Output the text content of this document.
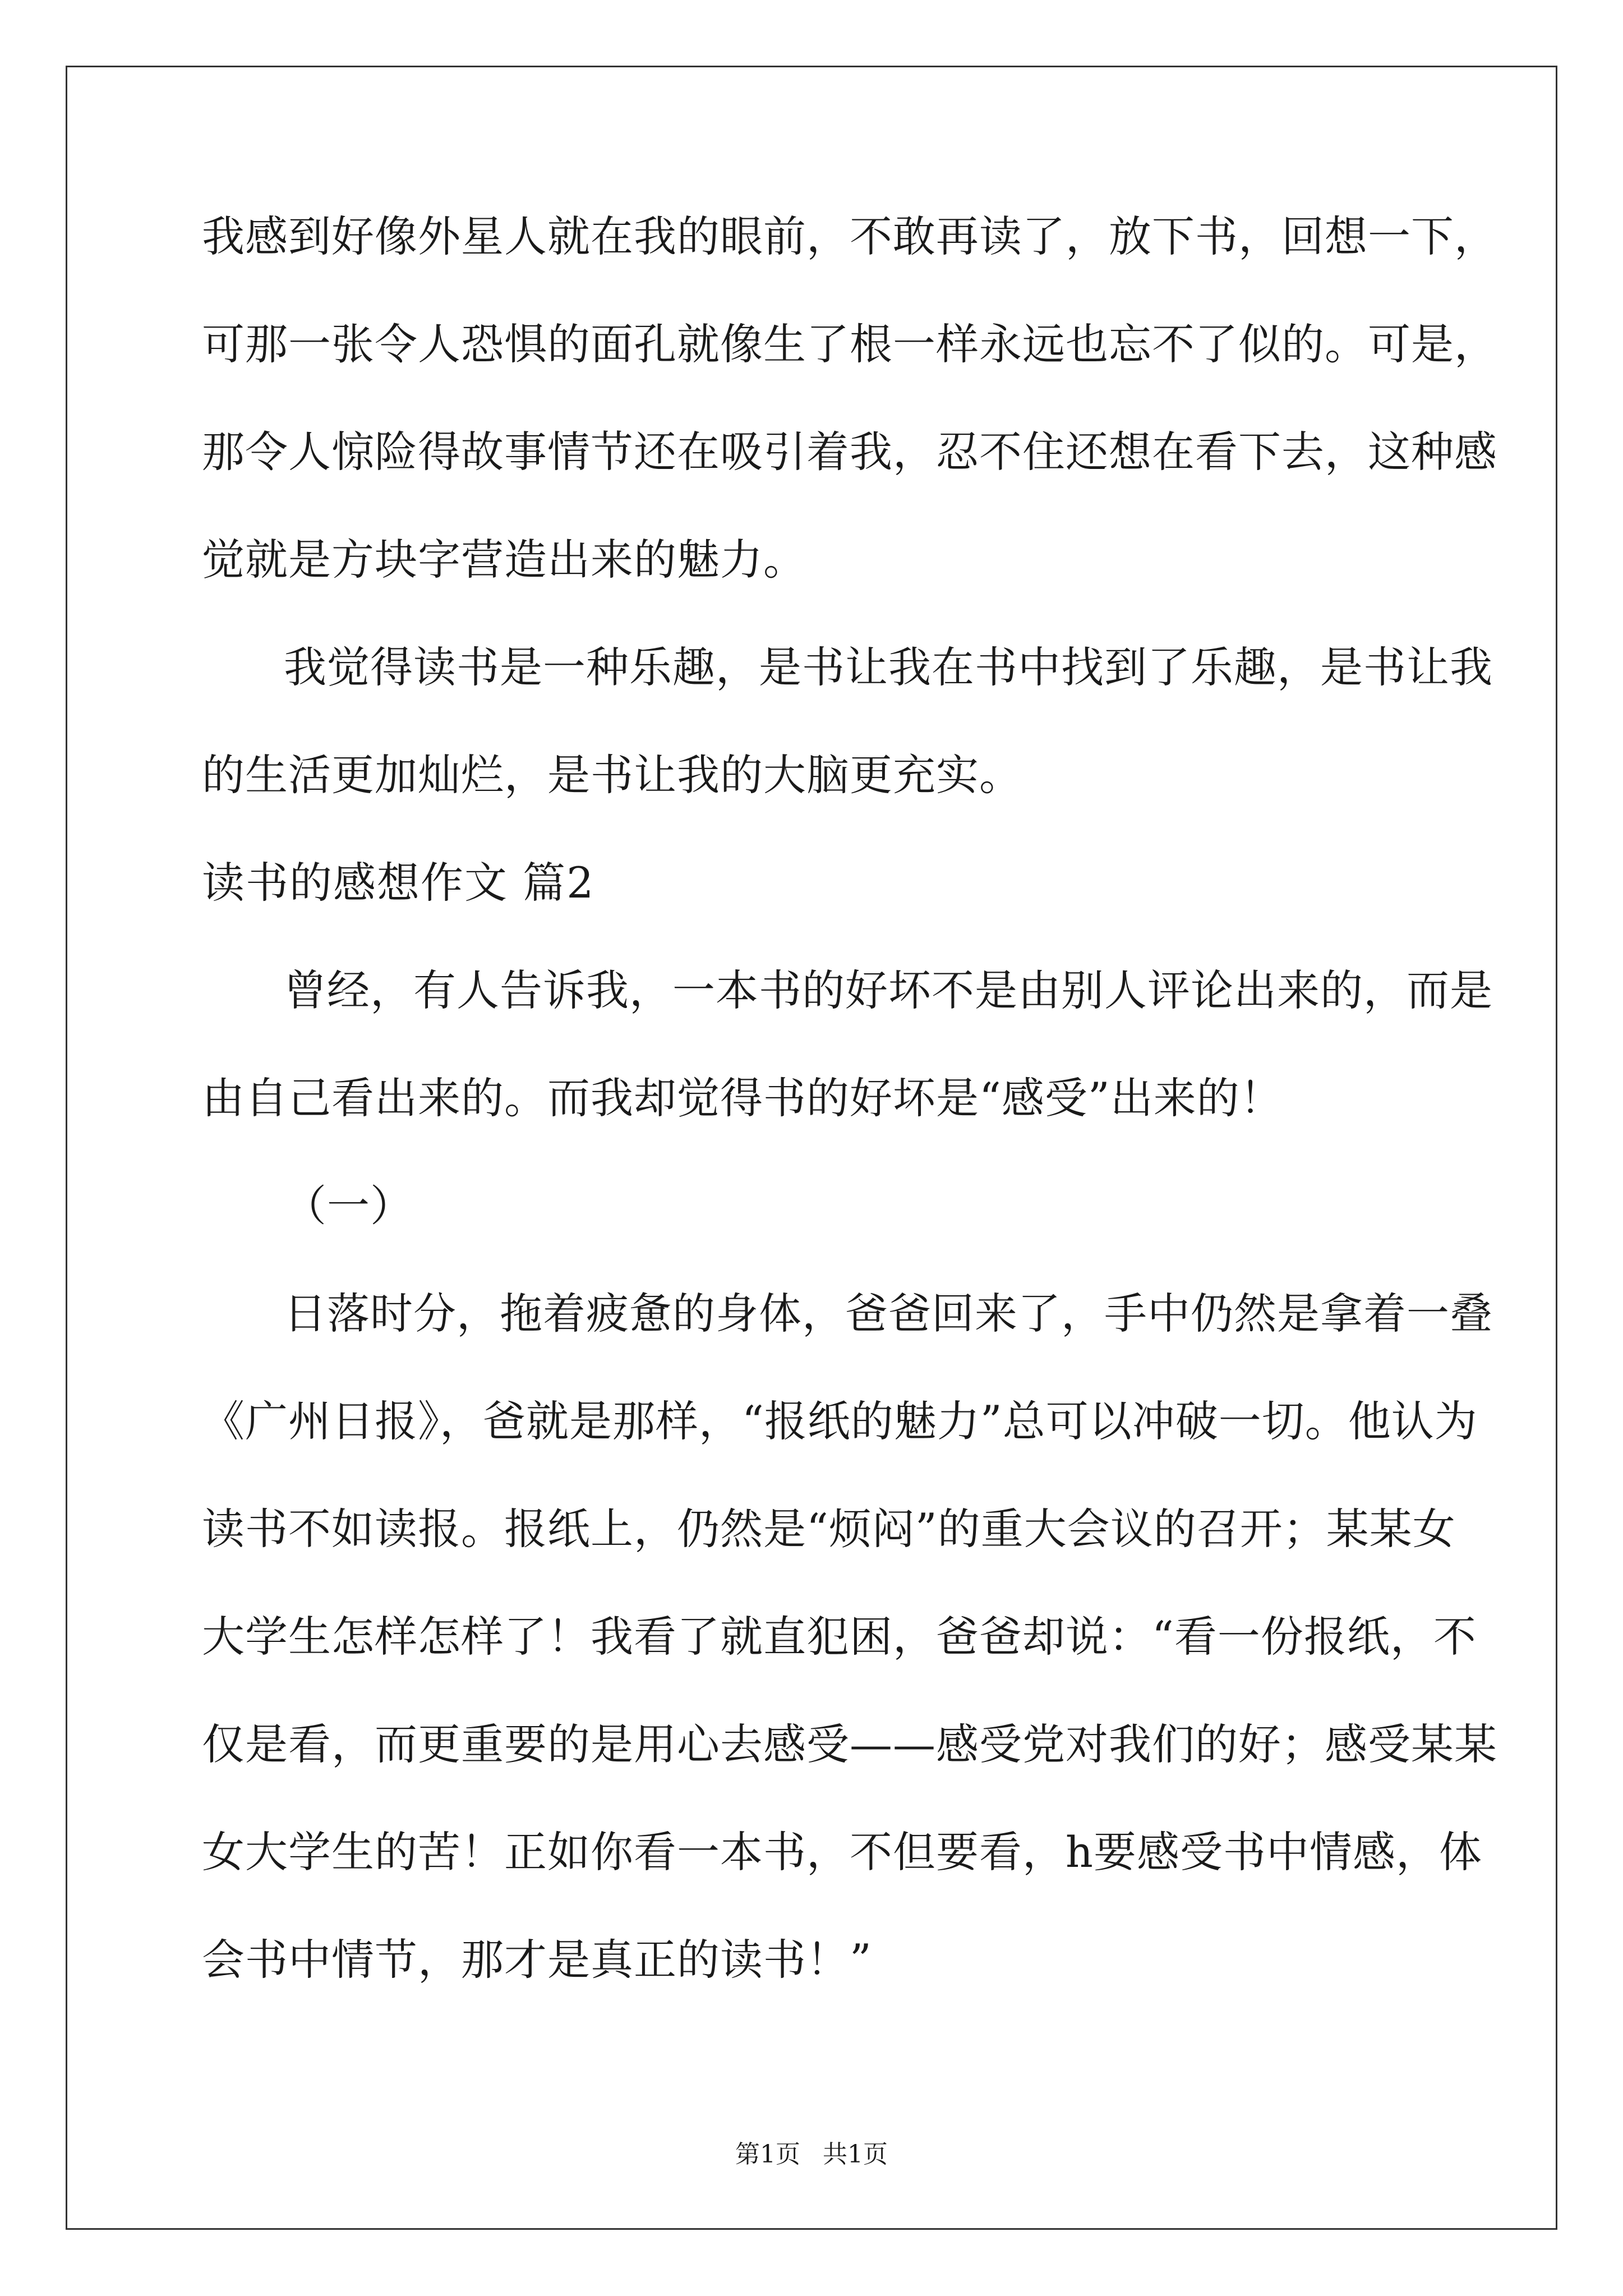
我感到好像外星人就在我的眼前，不敢再读了，放下书，回想一下，
可那一张令人恐惧的面孔就像生了根一样永远也忘不了似的。可是，
那令人惊险得故事情节还在吸引着我，忍不住还想在看下去，这种感
觉就是方块字营造出来的魅力。
我觉得读书是一种乐趣，是书让我在书中找到了乐趣，是书让我
的生活更加灿烂，是书让我的大脑更充实。
读书的感想作文 篇2
曾经，有人告诉我，一本书的好坏不是由别人评论出来的，而是
由自己看出来的。而我却觉得书的好坏是“感受”出来的！
（一）
日落时分，拖着疲惫的身体，爸爸回来了，手中仍然是拿着一叠
《广州日报》，爸就是那样，“报纸的魅力”总可以冲破一切。他认为
读书不如读报。报纸上，仍然是“烦闷”的重大会议的召开；某某女
大学生怎样怎样了！我看了就直犯困，爸爸却说：“看一份报纸，不
仅是看，而更重要的是用心去感受——感受党对我们的好；感受某某
女大学生的苦！正如你看一本书，不但要看，h要感受书中情感，体
会书中情节，那才是真正的读书！”
第1页 共1页
